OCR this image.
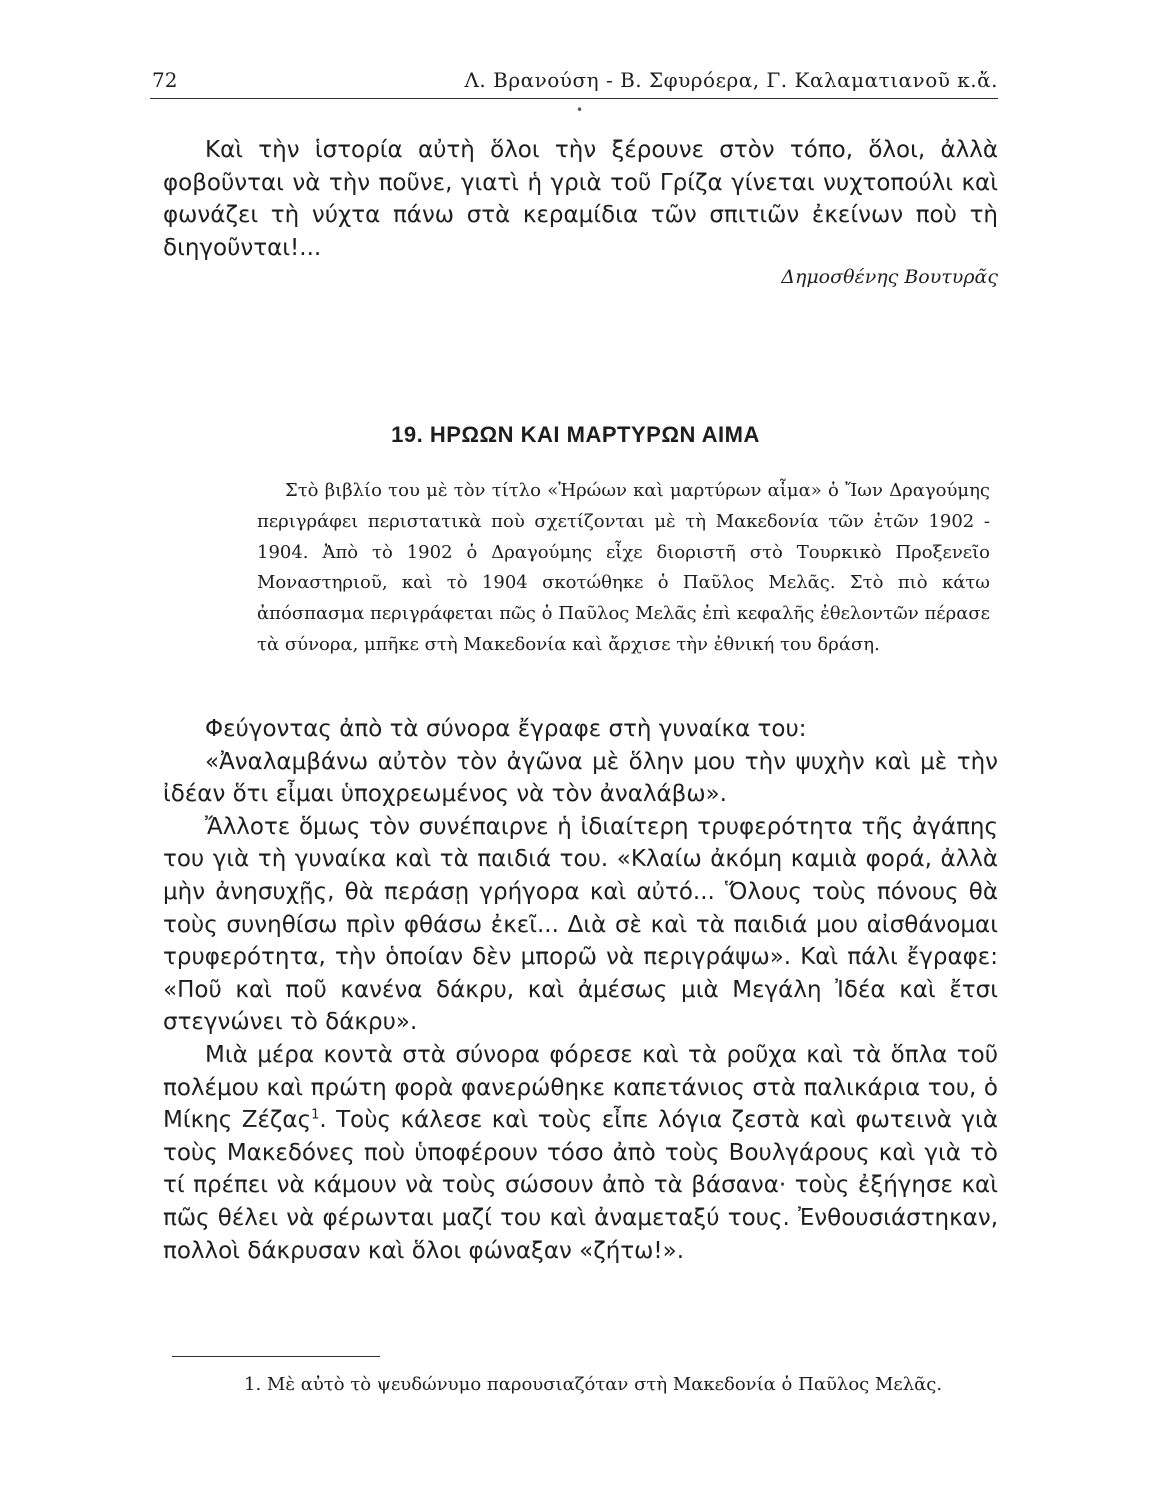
72	Λ. Βρανούση - Β. Σφυρόερα, Γ. Καλαματιανοῦ κ.ἄ.
•

Καὶ τὴν ἱστορία αὐτὴ ὅλοι τὴν ξέρουνε στὸν τόπο, ὅλοι, ἀλλὰ φοβοῦνται νὰ τὴν ποῦνε, γιατὶ ἡ γριὰ τοῦ Γρίζα γίνεται νυχτοπούλι καὶ φωνάζει τὴ νύχτα πάνω στὰ κεραμίδια τῶν σπιτιῶν ἐκείνων ποὺ τὴ διηγοῦνται!...

Δημοσθένης Βουτυρᾶς
19. ΗΡΩΩΝ ΚΑΙ ΜΑΡΤΥΡΩΝ ΑΙΜΑ

Στὸ βιβλίο του μὲ τὸν τίτλο «Ἡρώων καὶ μαρτύρων αἷμα» ὁ Ἴων Δραγούμης περιγράφει περιστατικὰ ποὺ σχετίζονται μὲ τὴ Μακεδονία τῶν ἐτῶν 1902 - 1904. Ἀπὸ τὸ 1902 ὁ Δραγούμης εἶχε διοριστῆ στὸ Τουρκικὸ Προξενεῖο Μοναστηριοῦ, καὶ τὸ 1904 σκοτώθηκε ὁ Παῦλος Μελᾶς. Στὸ πιὸ κάτω ἀπόσπασμα περιγράφεται πῶς ὁ Παῦλος Μελᾶς ἐπὶ κεφαλῆς ἐθελοντῶν πέρασε τὰ σύνορα, μπῆκε στὴ Μακεδονία καὶ ἄρχισε τὴν ἐθνική του δράση.

Φεύγοντας ἀπὸ τὰ σύνορα ἔγραφε στὴ γυναίκα του:

«Ἀναλαμβάνω αὐτὸν τὸν ἀγῶνα μὲ ὅλην μου τὴν ψυχὴν καὶ μὲ τὴν ἰδέαν ὅτι εἶμαι ὑποχρεωμένος νὰ τὸν ἀναλάβω».

Ἄλλοτε ὅμως τὸν συνέπαιρνε ἡ ἰδιαίτερη τρυφερότητα τῆς ἀγάπης του γιὰ τὴ γυναίκα καὶ τὰ παιδιά του. «Κλαίω ἀκόμη καμιὰ φορά, ἀλλὰ μὴν ἀνησυχῇς, θὰ περάσῃ γρήγορα καὶ αὐτό... Ὅλους τοὺς πόνους θὰ τοὺς συνηθίσω πρὶν φθάσω ἐκεῖ... Διὰ σὲ καὶ τὰ παιδιά μου αἰσθάνομαι τρυφερότητα, τὴν ὁποίαν δὲν μπορῶ νὰ περιγράψω». Καὶ πάλι ἔγραφε: «Ποῦ καὶ ποῦ κανένα δάκρυ, καὶ ἀμέσως μιὰ Μεγάλη Ἰδέα καὶ ἔτσι στεγνώνει τὸ δάκρυ».

Μιὰ μέρα κοντὰ στὰ σύνορα φόρεσε καὶ τὰ ροῦχα καὶ τὰ ὅπλα τοῦ πολέμου καὶ πρώτη φορὰ φανερώθηκε καπετάνιος στὰ παλικάρια του, ὁ Μίκης Ζέζας$^1$. Τοὺς κάλεσε καὶ τοὺς εἶπε λόγια ζεστὰ καὶ φωτεινὰ γιὰ τοὺς Μακεδόνες ποὺ ὑποφέρουν τόσο ἀπὸ τοὺς Βουλγάρους καὶ γιὰ τὸ τί πρέπει νὰ κάμουν νὰ τοὺς σώσουν ἀπὸ τὰ βάσανα· τοὺς ἐξήγησε καὶ πῶς θέλει νὰ φέρωνται μαζί του καὶ ἀναμεταξύ τους. Ἐνθουσιάστηκαν, πολλοὶ δάκρυσαν καὶ ὅλοι φώναξαν «ζήτω!».

1. Μὲ αὐτὸ τὸ ψευδώνυμο παρουσιαζόταν στὴ Μακεδονία ὁ Παῦλος Μελᾶς.
